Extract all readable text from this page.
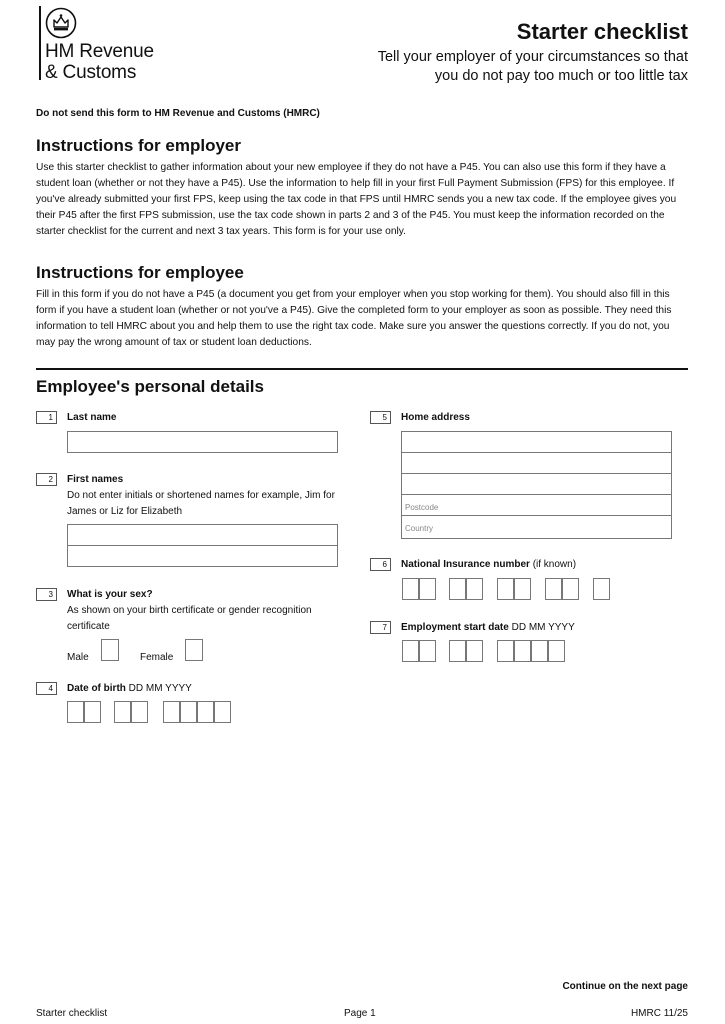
HM Revenue
& Customs
Starter checklist
Tell your employer of your circumstances so that you do not pay too much or too little tax
Do not send this form to HM Revenue and Customs (HMRC)
Instructions for employer

Use this starter checklist to gather information about your new employee if they do not have a P45. You can also use this form if they have a student loan (whether or not they have a P45). Use the information to help fill in your first Full Payment Submission (FPS) for this employee. If you've already submitted your first FPS, keep using the tax code in that FPS until HMRC sends you a new tax code. If the employee gives you their P45 after the first FPS submission, use the tax code shown in parts 2 and 3 of the P45. You must keep the information recorded on the starter checklist for the current and next 3 tax years. This form is for your use only.

Instructions for employee

Fill in this form if you do not have a P45 (a document you get from your employer when you stop working for them). You should also fill in this form if you have a student loan (whether or not you've a P45). Give the completed form to your employer as soon as possible. They need this information to tell HMRC about you and help them to use the right tax code. Make sure you answer the questions correctly. If you do not, you may pay the wrong amount of tax or student loan deductions.

Employee's personal details
1	Last name
2	First names
Do not enter initials or shortened names for example, Jim for James or Liz for Elizabeth
3	What is your sex?
As shown on your birth certificate or gender recognition certificate
Male	Female
4	Date of birth DD MM YYYY
5	Home address
Postcode
Country
6	National Insurance number (if known)
7	Employment start date DD MM YYYY
Continue on the next page
Starter checklist	Page 1	HMRC 11/25
